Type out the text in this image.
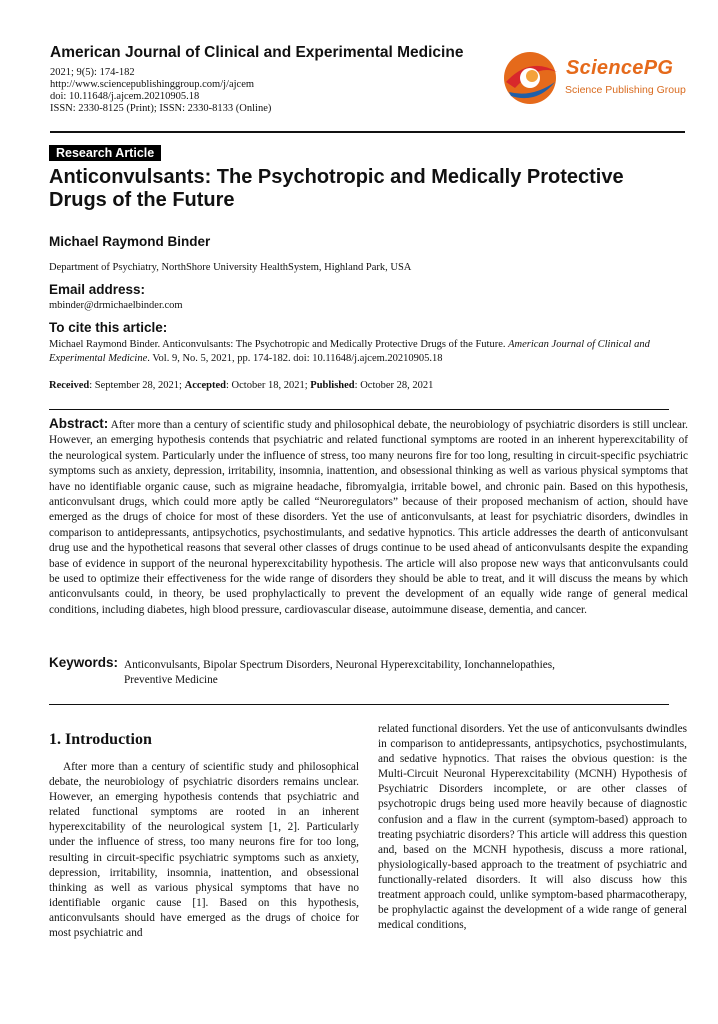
American Journal of Clinical and Experimental Medicine
2021; 9(5): 174-182
http://www.sciencepublishinggroup.com/j/ajcem
doi: 10.11648/j.ajcem.20210905.18
ISSN: 2330-8125 (Print); ISSN: 2330-8133 (Online)
SciencePG
Science Publishing Group
Research Article
Anticonvulsants: The Psychotropic and Medically Protective Drugs of the Future
Michael Raymond Binder
Department of Psychiatry, NorthShore University HealthSystem, Highland Park, USA
Email address:
mbinder@drmichaelbinder.com
To cite this article:
Michael Raymond Binder. Anticonvulsants: The Psychotropic and Medically Protective Drugs of the Future. American Journal of Clinical and Experimental Medicine. Vol. 9, No. 5, 2021, pp. 174-182. doi: 10.11648/j.ajcem.20210905.18
Received: September 28, 2021; Accepted: October 18, 2021; Published: October 28, 2021
Abstract: After more than a century of scientific study and philosophical debate, the neurobiology of psychiatric disorders is still unclear. However, an emerging hypothesis contends that psychiatric and related functional symptoms are rooted in an inherent hyperexcitability of the neurological system. Particularly under the influence of stress, too many neurons fire for too long, resulting in circuit-specific psychiatric symptoms such as anxiety, depression, irritability, insomnia, inattention, and obsessional thinking as well as various physical symptoms that have no identifiable organic cause, such as migraine headache, fibromyalgia, irritable bowel, and chronic pain. Based on this hypothesis, anticonvulsant drugs, which could more aptly be called “Neuroregulators” because of their proposed mechanism of action, should have emerged as the drugs of choice for most of these disorders. Yet the use of anticonvulsants, at least for psychiatric disorders, dwindles in comparison to antidepressants, antipsychotics, psychostimulants, and sedative hypnotics. This article addresses the dearth of anticonvulsant drug use and the hypothetical reasons that several other classes of drugs continue to be used ahead of anticonvulsants despite the expanding base of evidence in support of the neuronal hyperexcitability hypothesis. The article will also propose new ways that anticonvulsants could be used to optimize their effectiveness for the wide range of disorders they should be able to treat, and it will discuss the means by which anticonvulsants could, in theory, be used prophylactically to prevent the development of an equally wide range of general medical conditions, including diabetes, high blood pressure, cardiovascular disease, autoimmune disease, dementia, and cancer.
Keywords: Anticonvulsants, Bipolar Spectrum Disorders, Neuronal Hyperexcitability, Ionchannelopathies,
Preventive Medicine
1. Introduction
After more than a century of scientific study and philosophical debate, the neurobiology of psychiatric disorders remains unclear. However, an emerging hypothesis contends that psychiatric and related functional symptoms are rooted in an inherent hyperexcitability of the neurological system [1, 2]. Particularly under the influence of stress, too many neurons fire for too long, resulting in circuit-specific psychiatric symptoms such as anxiety, depression, irritability, insomnia, inattention, and obsessional thinking as well as various physical symptoms that have no identifiable organic cause [1]. Based on this hypothesis, anticonvulsants should have emerged as the drugs of choice for most psychiatric and
related functional disorders. Yet the use of anticonvulsants dwindles in comparison to antidepressants, antipsychotics, psychostimulants, and sedative hypnotics. That raises the obvious question: is the Multi-Circuit Neuronal Hyperexcitability (MCNH) Hypothesis of Psychiatric Disorders incomplete, or are other classes of psychotropic drugs being used more heavily because of diagnostic confusion and a flaw in the current (symptom-based) approach to treating psychiatric disorders? This article will address this question and, based on the MCNH hypothesis, discuss a more rational, physiologically-based approach to the treatment of psychiatric and functionally-related disorders. It will also discuss how this treatment approach could, unlike symptom-based pharmacotherapy, be prophylactic against the development of a wide range of general medical conditions,
